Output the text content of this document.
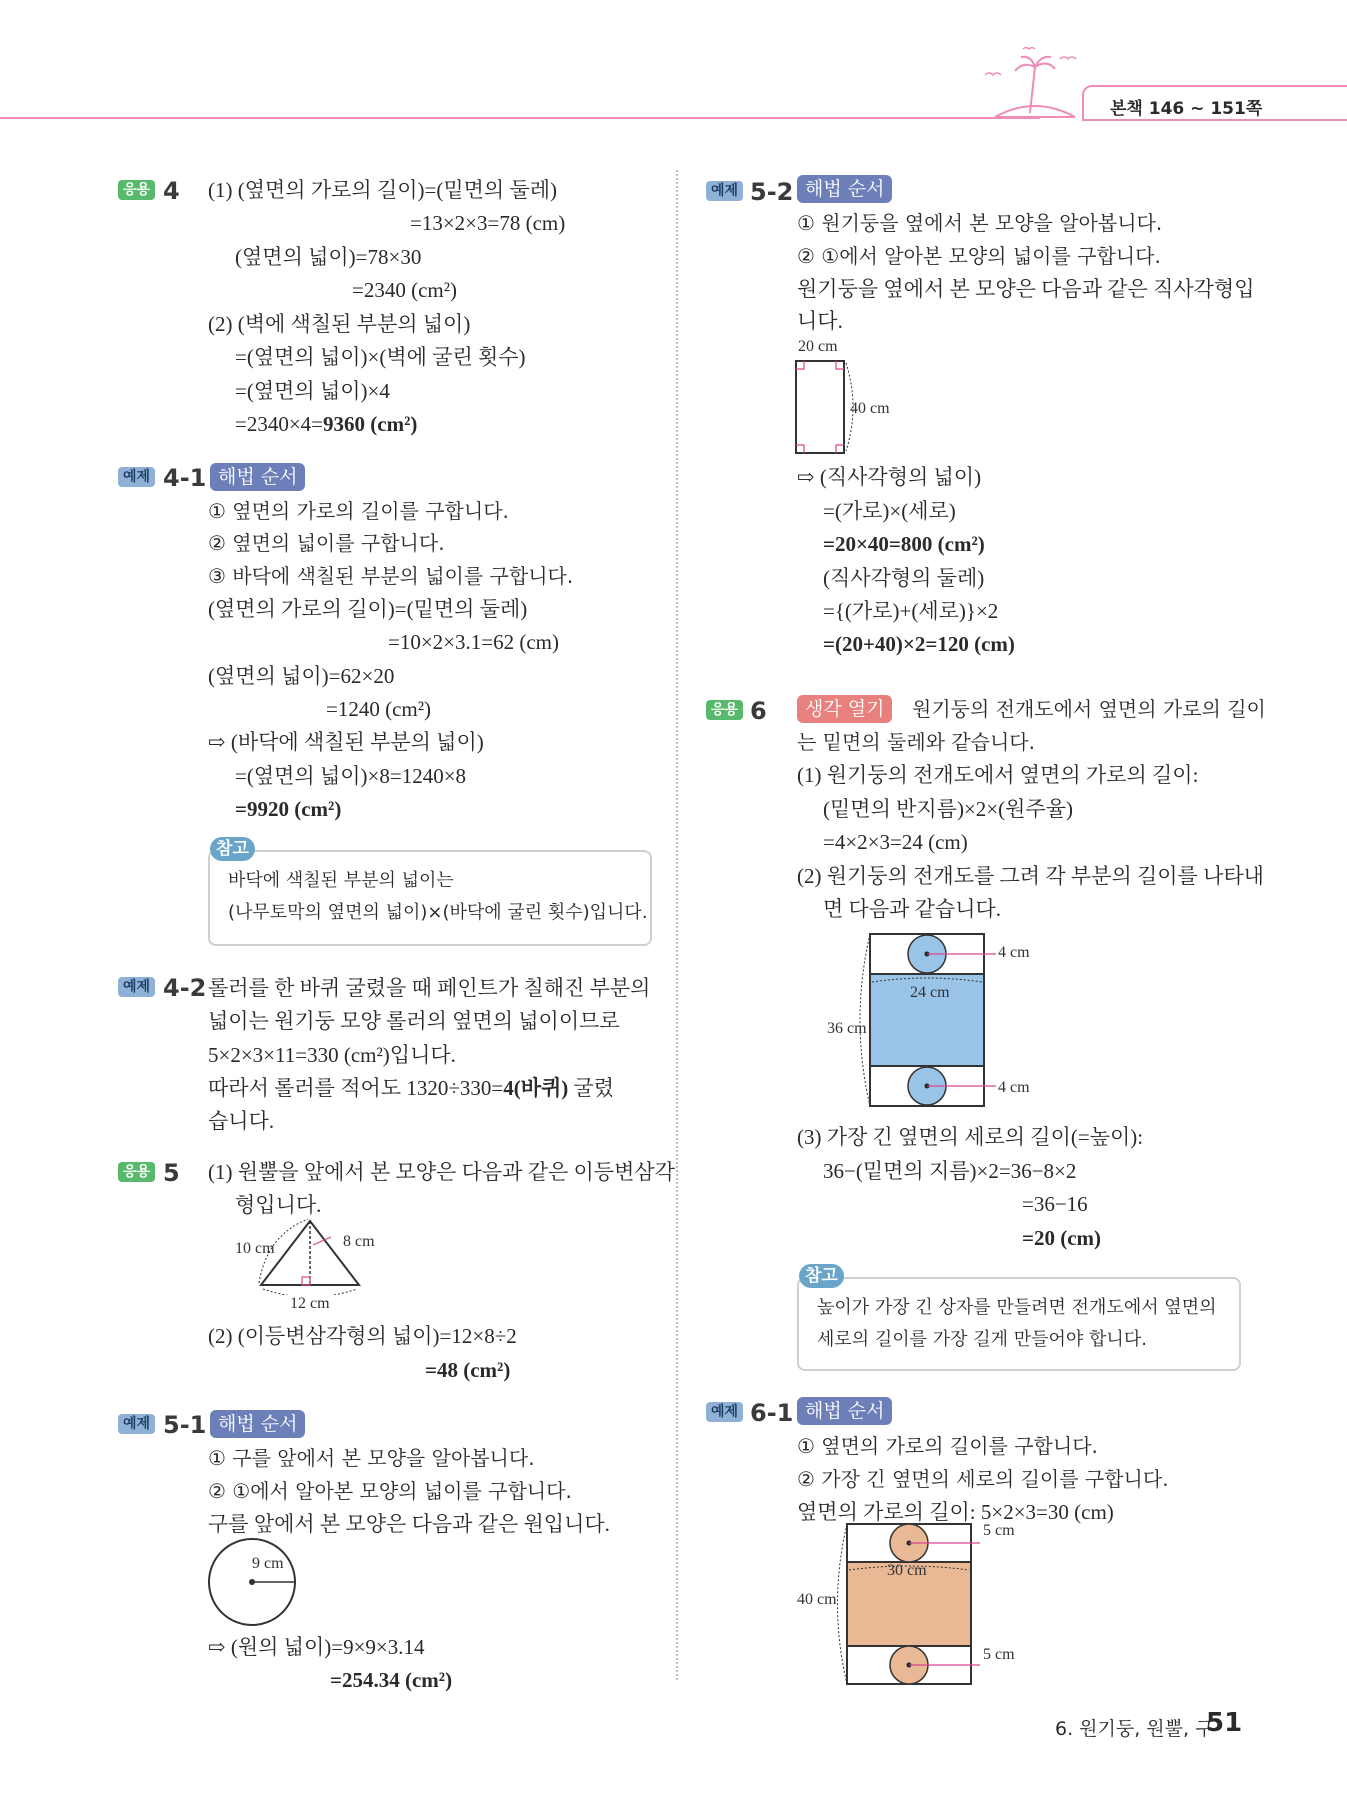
본책 146 ~ 151쪽
응용 4 (1) (옆면의 가로의 길이)=(밑면의 둘레)
=13×2×3=78 (cm)
(옆면의 넓이)=78×30
=2340 (cm²)
(2) (벽에 색칠된 부분의 넓이)
=(옆면의 넓이)×(벽에 굴린 횟수)
=(옆면의 넓이)×4
=2340×4=9360 (cm²)
예제 4-1 해법 순서
① 옆면의 가로의 길이를 구합니다.
② 옆면의 넓이를 구합니다.
③ 바닥에 색칠된 부분의 넓이를 구합니다.
(옆면의 가로의 길이)=(밑면의 둘레)
=10×2×3.1=62 (cm)
(옆면의 넓이)=62×20
=1240 (cm²)
⇨ (바닥에 색칠된 부분의 넓이)
=(옆면의 넓이)×8=1240×8
=9920 (cm²)
바닥에 색칠된 부분의 넓이는
(나무토막의 옆면의 넓이)×(바닥에 굴린 횟수)입니다.
참고
예제 4-2 롤러를 한 바퀴 굴렸을 때 페인트가 칠해진 부분의
넓이는 원기둥 모양 롤러의 옆면의 넓이이므로
5×2×3×11=330 (cm²)입니다.
따라서 롤러를 적어도 1320÷330=4(바퀴) 굴렸
습니다.
응용 5 (1) 원뿔을 앞에서 본 모양은 다음과 같은 이등변삼각
형입니다.
10 cm	8 cm
12 cm
(2) (이등변삼각형의 넓이)=12×8÷2
=48 (cm²)
예제 5-1 해법 순서
① 구를 앞에서 본 모양을 알아봅니다.
② ①에서 알아본 모양의 넓이를 구합니다.
구를 앞에서 본 모양은 다음과 같은 원입니다.
9 cm
⇨ (원의 넓이)=9×9×3.14
=254.34 (cm²)
예제 5-2 해법 순서
① 원기둥을 옆에서 본 모양을 알아봅니다.
② ①에서 알아본 모양의 넓이를 구합니다.
원기둥을 옆에서 본 모양은 다음과 같은 직사각형입
니다.
20 cm
40 cm
⇨ (직사각형의 넓이)
=(가로)×(세로)
=20×40=800 (cm²)
(직사각형의 둘레)
={(가로)+(세로)}×2
=(20+40)×2=120 (cm)
응용 6	생각 열기	원기둥의 전개도에서 옆면의 가로의 길이
는 밑면의 둘레와 같습니다.
(1) 원기둥의 전개도에서 옆면의 가로의 길이:
(밑면의 반지름)×2×(원주율)
=4×2×3=24 (cm)
(2) 원기둥의 전개도를 그려 각 부분의 길이를 나타내
면 다음과 같습니다.
4 cm
24 cm
36 cm
4 cm
(3) 가장 긴 옆면의 세로의 길이(=높이):
36−(밑면의 지름)×2=36−8×2
=36−16
=20 (cm)
높이가 가장 긴 상자를 만들려면 전개도에서 옆면의
세로의 길이를 가장 길게 만들어야 합니다.
참고
예제 6-1 해법 순서
① 옆면의 가로의 길이를 구합니다.
② 가장 긴 옆면의 세로의 길이를 구합니다.
옆면의 가로의 길이: 5×2×3=30 (cm)
5 cm
30 cm
40 cm
5 cm
6. 원기둥, 원뿔, 구
51
